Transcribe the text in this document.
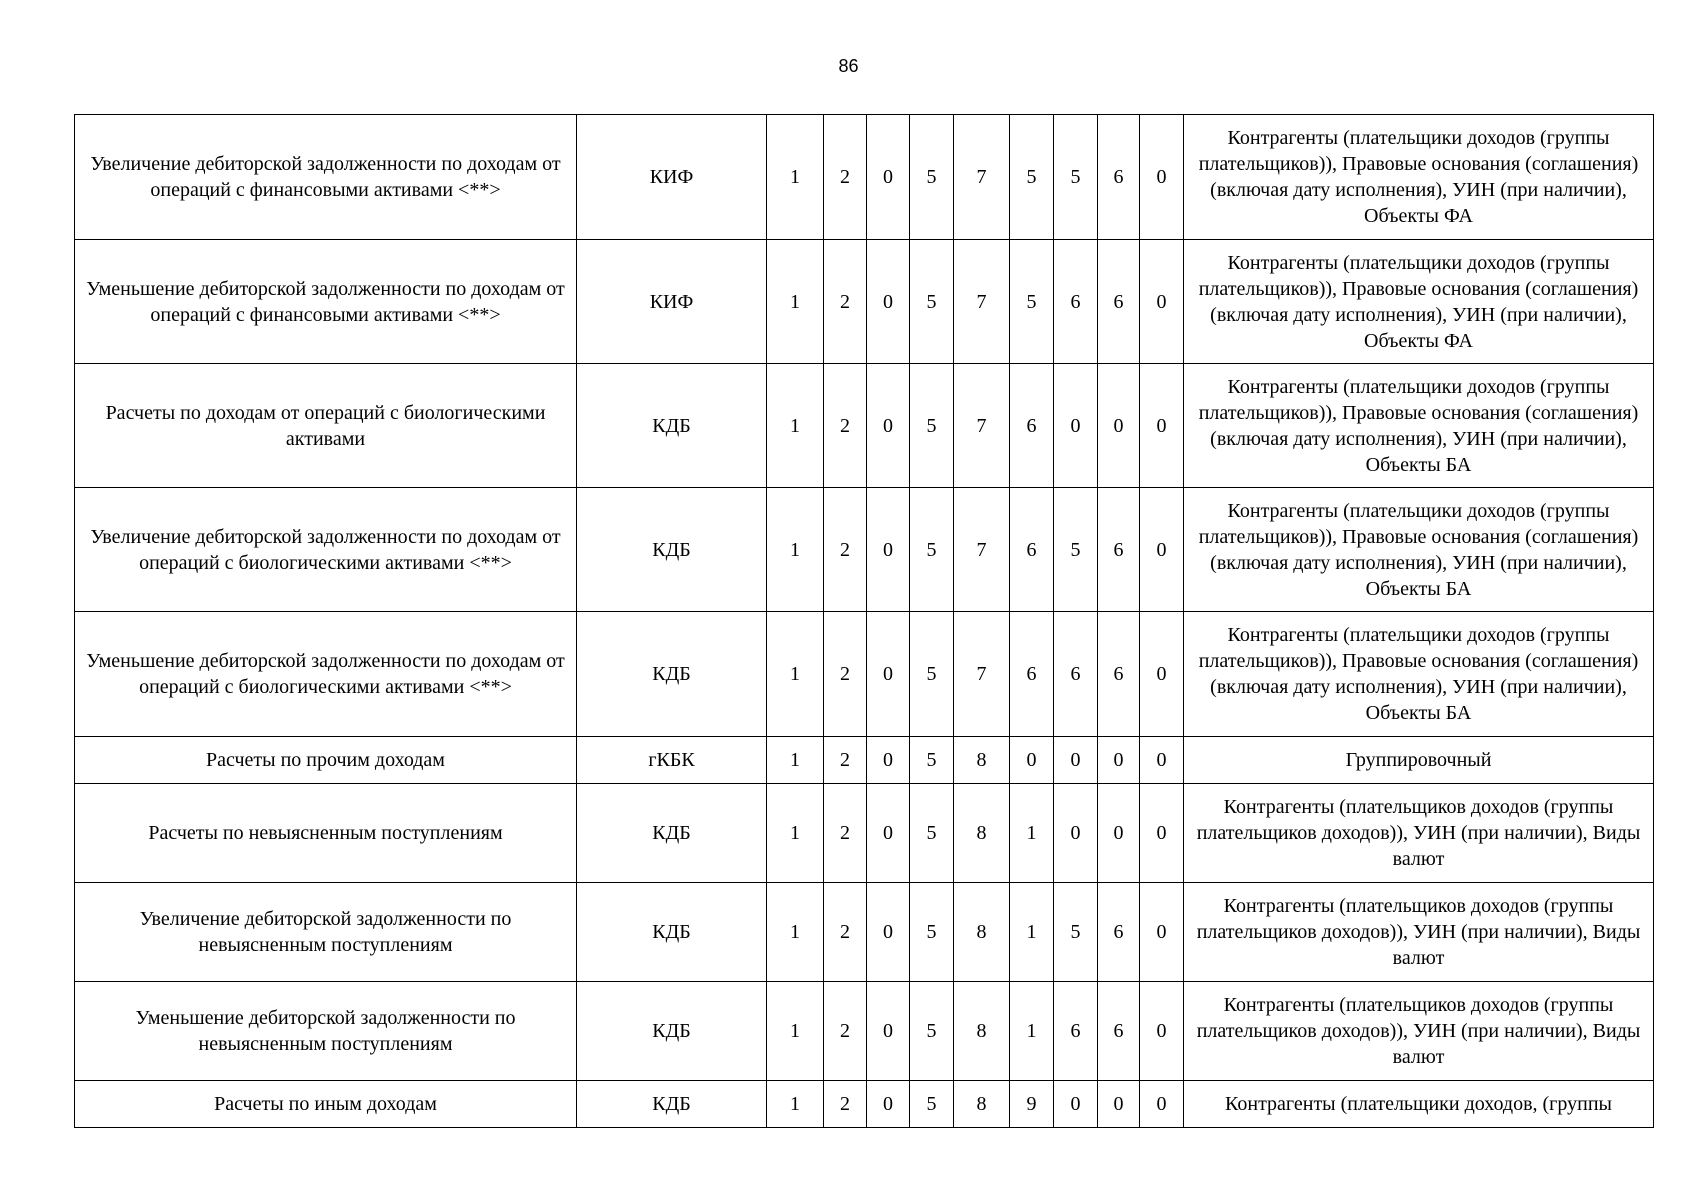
86
Увеличение дебиторской задолженности по доходам от операций с финансовыми активами <**>	КИФ	1	2	0	5	7	5	5	6	0	Контрагенты (плательщики доходов (группы плательщиков)), Правовые основания (соглашения) (включая дату исполнения), УИН (при наличии), Объекты ФА
Уменьшение дебиторской задолженности по доходам от операций с финансовыми активами <**>	КИФ	1	2	0	5	7	5	6	6	0	Контрагенты (плательщики доходов (группы плательщиков)), Правовые основания (соглашения) (включая дату исполнения), УИН (при наличии), Объекты ФА
Расчеты по доходам от операций с биологическими активами	КДБ	1	2	0	5	7	6	0	0	0	Контрагенты (плательщики доходов (группы плательщиков)), Правовые основания (соглашения) (включая дату исполнения), УИН (при наличии), Объекты БА
Увеличение дебиторской задолженности по доходам от операций с биологическими активами <**>	КДБ	1	2	0	5	7	6	5	6	0	Контрагенты (плательщики доходов (группы плательщиков)), Правовые основания (соглашения) (включая дату исполнения), УИН (при наличии), Объекты БА
Уменьшение дебиторской задолженности по доходам от операций с биологическими активами <**>	КДБ	1	2	0	5	7	6	6	6	0	Контрагенты (плательщики доходов (группы плательщиков)), Правовые основания (соглашения) (включая дату исполнения), УИН (при наличии), Объекты БА
Расчеты по прочим доходам	гКБК	1	2	0	5	8	0	0	0	0	Группировочный
Расчеты по невыясненным поступлениям	КДБ	1	2	0	5	8	1	0	0	0	Контрагенты (плательщиков доходов (группы плательщиков доходов)), УИН (при наличии), Виды валют
Увеличение дебиторской задолженности по невыясненным поступлениям	КДБ	1	2	0	5	8	1	5	6	0	Контрагенты (плательщиков доходов (группы плательщиков доходов)), УИН (при наличии), Виды валют
Уменьшение дебиторской задолженности по невыясненным поступлениям	КДБ	1	2	0	5	8	1	6	6	0	Контрагенты (плательщиков доходов (группы плательщиков доходов)), УИН (при наличии), Виды валют
Расчеты по иным доходам	КДБ	1	2	0	5	8	9	0	0	0	Контрагенты (плательщики доходов, (группы
